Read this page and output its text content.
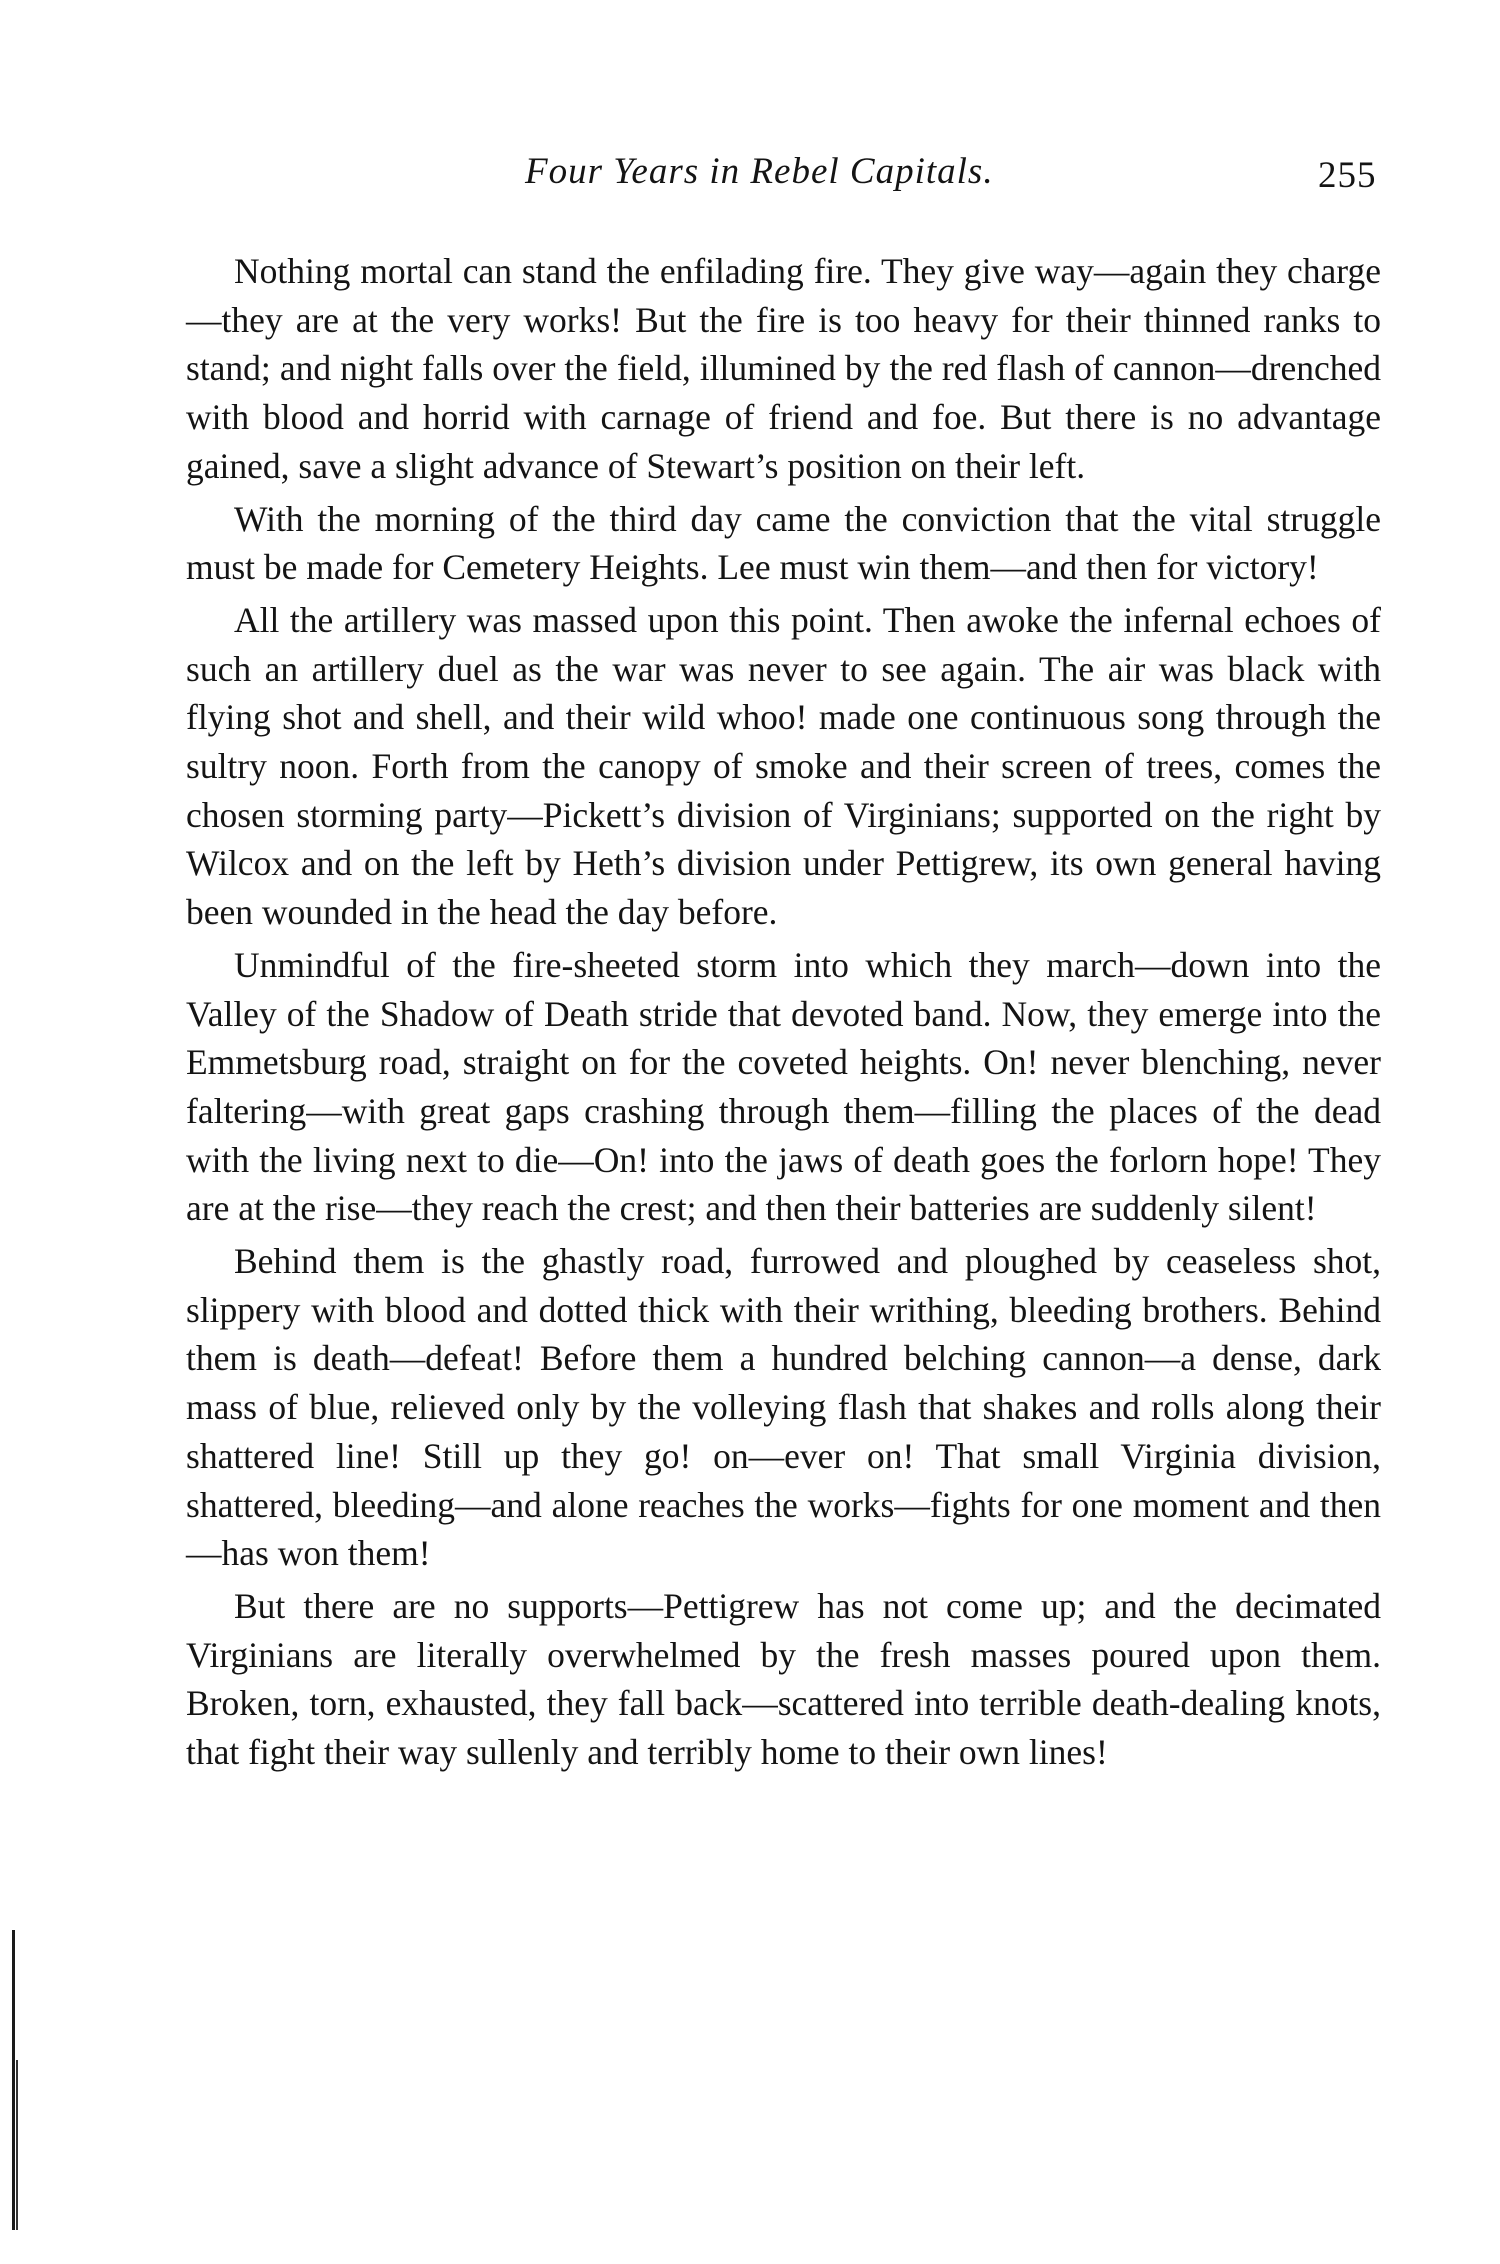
Four Years in Rebel Capitals.	255

Nothing mortal can stand the enfilading fire. They give way—again they charge—they are at the very works! But the fire is too heavy for their thinned ranks to stand; and night falls over the field, illumined by the red flash of cannon—drenched with blood and horrid with carnage of friend and foe. But there is no advantage gained, save a slight advance of Stewart’s position on their left.

With the morning of the third day came the conviction that the vital struggle must be made for Cemetery Heights. Lee must win them—and then for victory!

All the artillery was massed upon this point. Then awoke the infernal echoes of such an artillery duel as the war was never to see again. The air was black with flying shot and shell, and their wild whoo! made one continuous song through the sultry noon. Forth from the canopy of smoke and their screen of trees, comes the chosen storming party—Pickett’s division of Virginians; supported on the right by Wilcox and on the left by Heth’s division under Pettigrew, its own general having been wounded in the head the day before.

Unmindful of the fire-sheeted storm into which they march—down into the Valley of the Shadow of Death stride that devoted band. Now, they emerge into the Emmetsburg road, straight on for the coveted heights. On! never blenching, never faltering—with great gaps crashing through them—filling the places of the dead with the living next to die—On! into the jaws of death goes the forlorn hope! They are at the rise—they reach the crest; and then their batteries are suddenly silent!

Behind them is the ghastly road, furrowed and ploughed by ceaseless shot, slippery with blood and dotted thick with their writhing, bleeding brothers. Behind them is death—defeat! Before them a hundred belching cannon—a dense, dark mass of blue, relieved only by the volleying flash that shakes and rolls along their shattered line! Still up they go! on—ever on! That small Virginia division, shattered, bleeding—and alone reaches the works—fights for one moment and then—has won them!

But there are no supports—Pettigrew has not come up; and the decimated Virginians are literally overwhelmed by the fresh masses poured upon them. Broken, torn, exhausted, they fall back—scattered into terrible death-dealing knots, that fight their way sullenly and terribly home to their own lines!
